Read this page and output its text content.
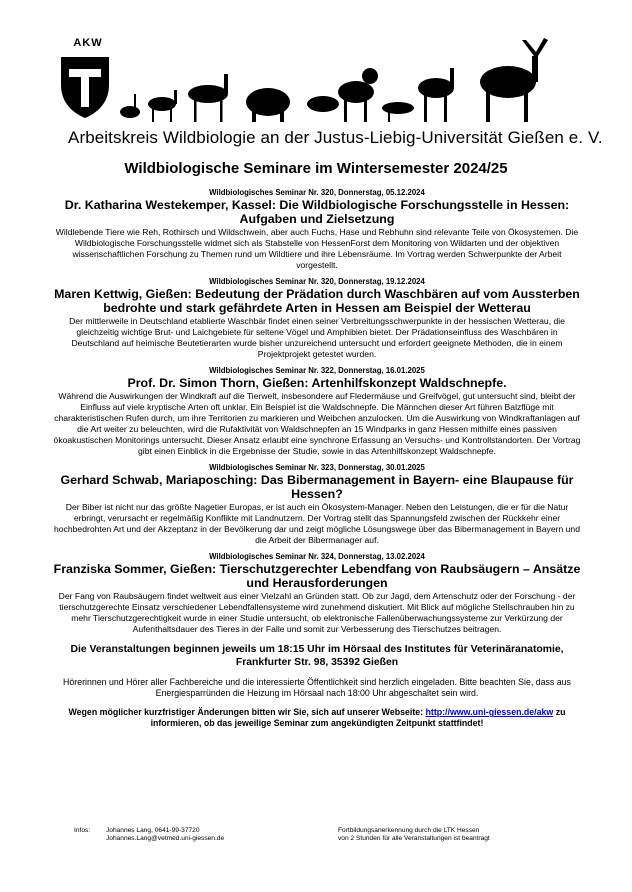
AKW
Arbeitskreis Wildbiologie an der Justus-Liebig-Universität Gießen e. V.
Wildbiologische Seminare im Wintersemester 2024/25
Wildbiologisches Seminar Nr. 320, Donnerstag, 05.12.2024
Dr. Katharina Westekemper, Kassel: Die Wildbiologische Forschungsstelle in Hessen: Aufgaben und Zielsetzung
Wildlebende Tiere wie Reh, Rothirsch und Wildschwein, aber auch Fuchs, Hase und Rebhuhn sind relevante Teile von Ökosystemen. Die Wildbiologische Forschungsstelle widmet sich als Stabstelle von HessenForst dem Monitoring von Wildarten und der objektiven wissenschaftlichen Forschung zu Themen rund um Wildtiere und ihre Lebensräume. Im Vortrag werden Schwerpunkte der Arbeit vorgestellt.
Wildbiologisches Seminar Nr. 320, Donnerstag, 19.12.2024
Maren Kettwig, Gießen: Bedeutung der Prädation durch Waschbären auf vom Aussterben bedrohte und stark gefährdete Arten in Hessen am Beispiel der Wetterau
Der mittlerweile in Deutschland etablierte Waschbär findet einen seiner Verbreitungsschwerpunkte in der hessischen Wetterau, die gleichzeitig wichtige Brut- und Laichgebiete für seltene Vögel und Amphibien bietet. Der Prädationseinfluss des Waschbären in Deutschland auf heimische Beutetierarten wurde bisher unzureichend untersucht und erfordert geeignete Methoden, die in einem Projektprojekt getestet wurden.
Wildbiologisches Seminar Nr. 322, Donnerstag, 16.01.2025
Prof. Dr. Simon Thorn, Gießen: Artenhilfskonzept Waldschnepfe.
Während die Auswirkungen der Windkraft auf die Tierwelt, insbesondere auf Fledermäuse und Greifvögel, gut untersucht sind, bleibt der Einfluss auf viele kryptische Arten oft unklar. Ein Beispiel ist die Waldschnepfe. Die Männchen dieser Art führen Balzflüge mit charakteristischen Rufen durch, um ihre Territorien zu markieren und Weibchen anzulocken. Um die Auswirkung von Windkraftanlagen auf die Art weiter zu beleuchten, wird die Rufaktivität von Waldschnepfen an 15 Windparks in ganz Hessen mithilfe eines passiven ökoakustischen Monitorings untersucht. Dieser Ansatz erlaubt eine synchrone Erfassung an Versuchs- und Kontrollstandorten. Der Vortrag gibt einen Einblick in die Ergebnisse der Studie, sowie in das Artenhilfskonzept Waldschnepfe.
Wildbiologisches Seminar Nr. 323, Donnerstag, 30.01.2025
Gerhard Schwab, Mariaposching: Das Bibermanagement in Bayern- eine Blaupause für Hessen?
Der Biber ist nicht nur das größte Nagetier Europas, er ist auch ein Ökosystem-Manager. Neben den Leistungen, die er für die Natur erbringt, verursacht er regelmäßig Konflikte mit Landnutzern. Der Vortrag stellt das Spannungsfeld zwischen der Rückkehr einer hochbedrohten Art und der Akzeptanz in der Bevölkerung dar und zeigt mögliche Lösungswege über das Bibermanagement in Bayern und die Arbeit der Bibermanager auf.
Wildbiologisches Seminar Nr. 324, Donnerstag, 13.02.2024
Franziska Sommer, Gießen: Tierschutzgerechter Lebendfang von Raubsäugern – Ansätze und Herausforderungen
Der Fang von Raubsäugern findet weltweit aus einer Vielzahl an Gründen statt. Ob zur Jagd, dem Artenschutz oder der Forschung - der tierschutzgerechte Einsatz verschiedener Lebendfallensysteme wird zunehmend diskutiert. Mit Blick auf mögliche Stellschrauben hin zu mehr Tierschutzgerechtigkeit wurde in einer Studie untersucht, ob elektronische Fallenüberwachungssysteme zur Verkürzung der Aufenthaltsdauer des Tieres in der Falle und somit zur Verbesserung des Tierschutzes beitragen.
Die Veranstaltungen beginnen jeweils um 18:15 Uhr im Hörsaal des Institutes für Veterinäranatomie, Frankfurter Str. 98, 35392 Gießen
Hörerinnen und Hörer aller Fachbereiche und die interessierte Öffentlichkeit sind herzlich eingeladen. Bitte beachten Sie, dass aus Energiesparründen die Heizung im Hörsaal nach 18:00 Uhr abgeschaltet sein wird.
Wegen möglicher kurzfristiger Änderungen bitten wir Sie, sich auf unserer Webseite: http://www.uni-giessen.de/akw zu informieren, ob das jeweilige Seminar zum angekündigten Zeitpunkt stattfindet!
Infos: Johannes Lang, 0641-99-37720
Johannes.Lang@vetmed.uni-giessen.de
Fortbildungsanerkennung durch die LTK Hessen
von 2 Stunden für alle Veranstaltungen ist beantragt
